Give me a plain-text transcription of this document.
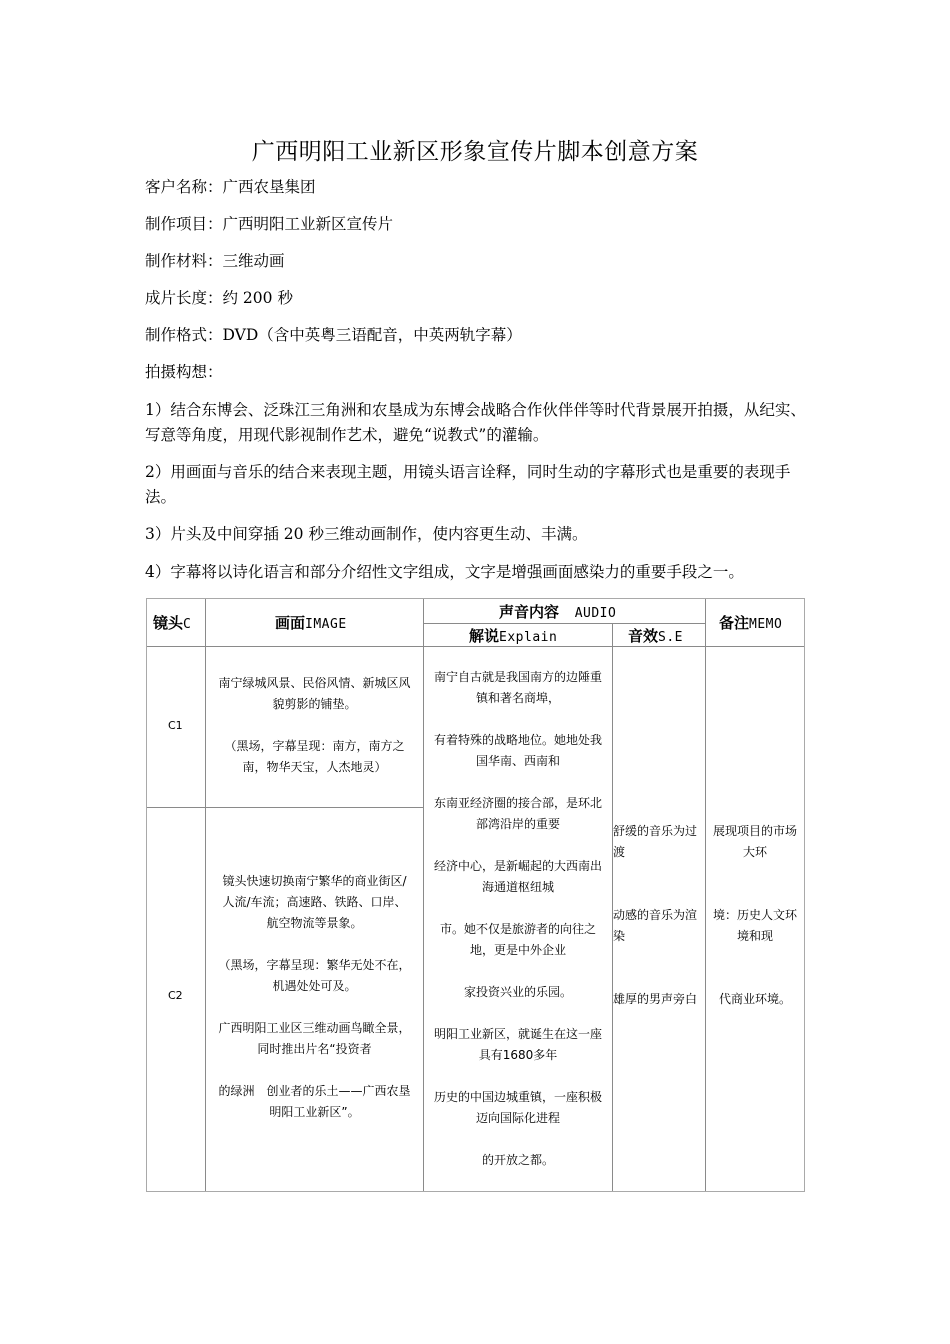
广西明阳工业新区形象宣传片脚本创意方案
客户名称：广西农垦集团
制作项目：广西明阳工业新区宣传片
制作材料：三维动画
成片长度：约 200 秒
制作格式：DVD（含中英粤三语配音，中英两轨字幕）
拍摄构想：
1）结合东博会、泛珠江三角洲和农垦成为东博会战略合作伙伴伴等时代背景展开拍摄，从纪实、写意等角度，用现代影视制作艺术，避免“说教式”的灌输。
2）用画面与音乐的结合来表现主题，用镜头语言诠释，同时生动的字幕形式也是重要的表现手 法。
3）片头及中间穿插 20 秒三维动画制作，使内容更生动、丰满。
4）字幕将以诗化语言和部分介绍性文字组成，文字是增强画面感染力的重要手段之一。
镜头C	画面IMAGE
声音内容 AUDIO
解说Explain	音效S.E
备注MEMO
C1
C2
南宁绿城风景、民俗风情、新城区风
貌剪影的铺垫。
（黑场，字幕呈现：南方，南方之
南，物华天宝，人杰地灵）
镜头快速切换南宁繁华的商业街区/
人流/车流；高速路、铁路、口岸、
航空物流等景象。
（黑场，字幕呈现：繁华无处不在，
机遇处处可及。
广西明阳工业区三维动画鸟瞰全景，
同时推出片名“投资者
的绿洲　创业者的乐土——广西农垦
明阳工业新区”。
南宁自古就是我国南方的边陲重
镇和著名商埠，
有着特殊的战略地位。她地处我
国华南、西南和
东南亚经济圈的接合部，是环北
部湾沿岸的重要
经济中心，是新崛起的大西南出
海通道枢纽城
市。她不仅是旅游者的向往之
地，更是中外企业
家投资兴业的乐园。
明阳工业新区，就诞生在这一座
具有1680多年
历史的中国边城重镇，一座积极
迈向国际化进程
的开放之都。
舒缓的音乐为过
渡
动感的音乐为渲
染
雄厚的男声旁白
展现项目的市场
大环
境：历史人文环
境和现
代商业环境。
